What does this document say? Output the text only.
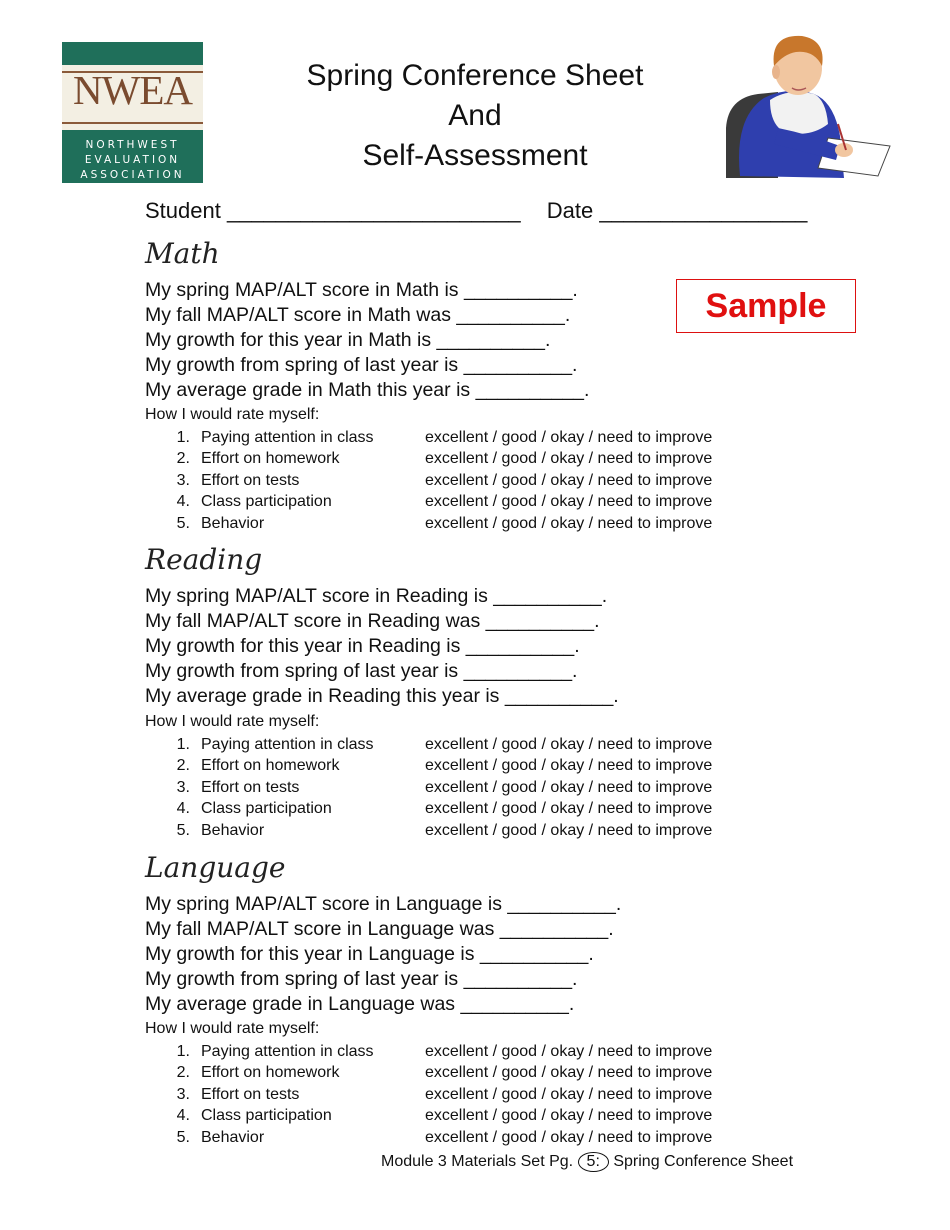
NWEA
NORTHWEST
EVALUATION
ASSOCIATION
Spring Conference Sheet
And
Self-Assessment
Student ________________________ Date _________________
Sample
Math
My spring MAP/ALT score in Math is __________.
My fall MAP/ALT score in Math was __________.
My growth for this year in Math is __________.
My growth from spring of last year is __________.
My average grade in Math this year is __________.
How I would rate myself:
1. Paying attention in class	excellent / good / okay / need to improve
2. Effort on homework	excellent / good / okay / need to improve
3. Effort on tests	excellent / good / okay / need to improve
4. Class participation	excellent / good / okay / need to improve
5. Behavior	excellent / good / okay / need to improve
Reading
My spring MAP/ALT score in Reading is __________.
My fall MAP/ALT score in Reading was __________.
My growth for this year in Reading is __________.
My growth from spring of last year is __________.
My average grade in Reading this year is __________.
How I would rate myself:
1. Paying attention in class	excellent / good / okay / need to improve
2. Effort on homework	excellent / good / okay / need to improve
3. Effort on tests	excellent / good / okay / need to improve
4. Class participation	excellent / good / okay / need to improve
5. Behavior	excellent / good / okay / need to improve
Language
My spring MAP/ALT score in Language is __________.
My fall MAP/ALT score in Language was __________.
My growth for this year in Language is __________.
My growth from spring of last year is __________.
My average grade in Language was __________.
How I would rate myself:
1. Paying attention in class	excellent / good / okay / need to improve
2. Effort on homework	excellent / good / okay / need to improve
3. Effort on tests	excellent / good / okay / need to improve
4. Class participation	excellent / good / okay / need to improve
5. Behavior	excellent / good / okay / need to improve
Module 3 Materials Set Pg. 5: Spring Conference Sheet
